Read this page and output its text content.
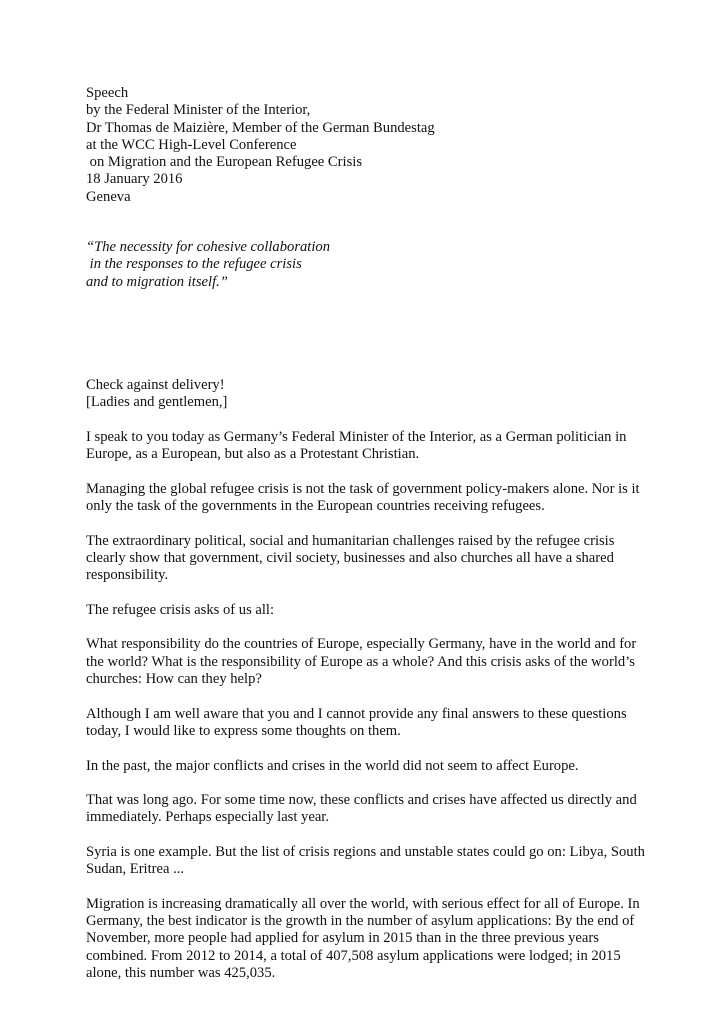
Speech
by the Federal Minister of the Interior,
Dr Thomas de Maizière, Member of the German Bundestag
at the WCC High-Level Conference
on Migration and the European Refugee Crisis
18 January 2016
Geneva
“The necessity for cohesive collaboration
in the responses to the refugee crisis
and to migration itself.”
Check against delivery!
[Ladies and gentlemen,]

I speak to you today as Germany’s Federal Minister of the Interior, as a German politician in Europe, as a European, but also as a Protestant Christian.

Managing the global refugee crisis is not the task of government policy-makers alone. Nor is it only the task of the governments in the European countries receiving refugees.

The extraordinary political, social and humanitarian challenges raised by the refugee crisis clearly show that government, civil society, businesses and also churches all have a shared responsibility.

The refugee crisis asks of us all:

What responsibility do the countries of Europe, especially Germany, have in the world and for the world? What is the responsibility of Europe as a whole? And this crisis asks of the world’s churches: How can they help?

Although I am well aware that you and I cannot provide any final answers to these questions today, I would like to express some thoughts on them.

In the past, the major conflicts and crises in the world did not seem to affect Europe.

That was long ago. For some time now, these conflicts and crises have affected us directly and immediately. Perhaps especially last year.

Syria is one example. But the list of crisis regions and unstable states could go on: Libya, South Sudan, Eritrea ...

Migration is increasing dramatically all over the world, with serious effect for all of Europe. In Germany, the best indicator is the growth in the number of asylum applications: By the end of November, more people had applied for asylum in 2015 than in the three previous years combined. From 2012 to 2014, a total of 407,508 asylum applications were lodged; in 2015 alone, this number was 425,035.
